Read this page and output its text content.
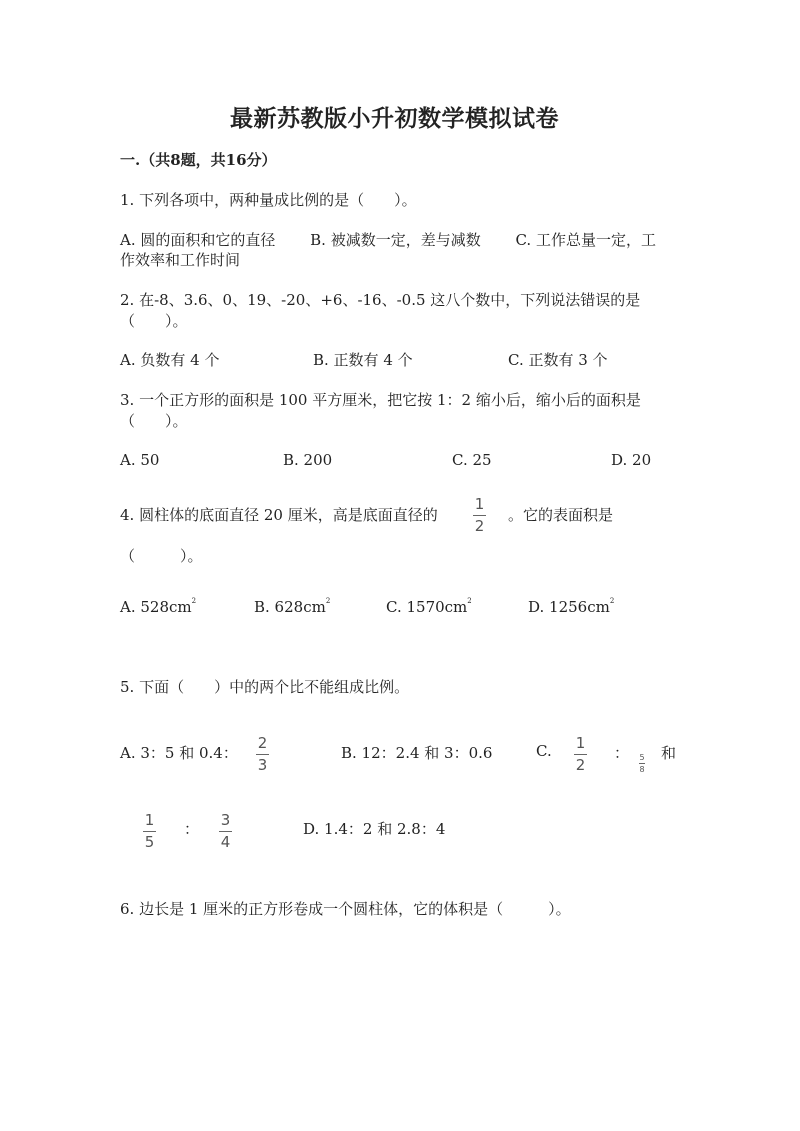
最新苏教版小升初数学模拟试卷
一.（共8题，共16分）
1. 下列各项中，两种量成比例的是（　　）。
A. 圆的面积和它的直径　　 B. 被减数一定，差与减数　　 C. 工作总量一定，工
作效率和工作时间
2. 在-8、3.6、0、19、-20、+6、-16、-0.5 这八个数中，下列说法错误的是
（　　）。
A. 负数有 4 个	B. 正数有 4 个	C. 正数有 3 个
3. 一个正方形的面积是 100 平方厘米，把它按 1：2 缩小后，缩小后的面积是
（　　）。
A. 50	B. 200	C. 25	D. 20
4. 圆柱体的底面直径 20 厘米，高是底面直径的
1
2
。它的表面积是
（　　　）。
A. $528cm^2$	B. $628cm^2$	C. $1570cm^2$	D. $1256cm^2$
5. 下面（　　）中的两个比不能组成比例。
A. 3：5 和 0.4：
2
3
B. 12：2.4 和 3：0.6	C. 1
2
： 5
8
和
1
5
： 3
4
D. 1.4：2 和 2.8：4
6. 边长是 1 厘米的正方形卷成一个圆柱体，它的体积是（　　　）。
